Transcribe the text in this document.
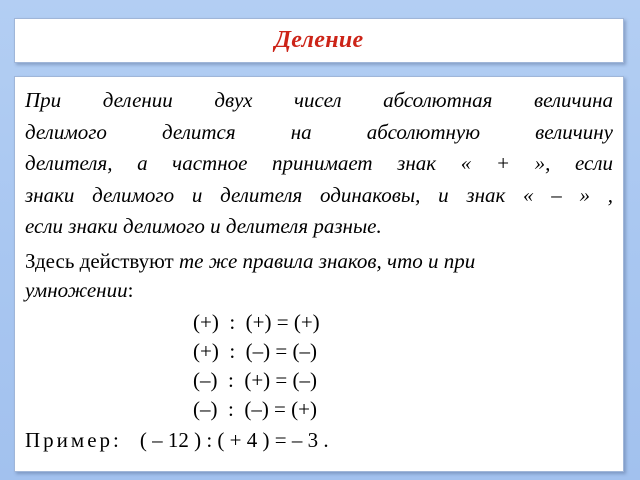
Деление
При делении двух чисел абсолютная величина
делимого делится на абсолютную величину
делителя, а частное принимает знак « + », если
знаки делимого и делителя одинаковы, и знак « – » ,
если знаки делимого и делителя разные.
Здесь действуют те же правила знаков, что и при
умножении:
(+)  :  (+) = (+)
(+)  :  (–) = (–)
(–)  :  (+) = (–)
(–)  :  (–) = (+)
Пример: ( – 12 ) : ( + 4 ) = – 3 .
